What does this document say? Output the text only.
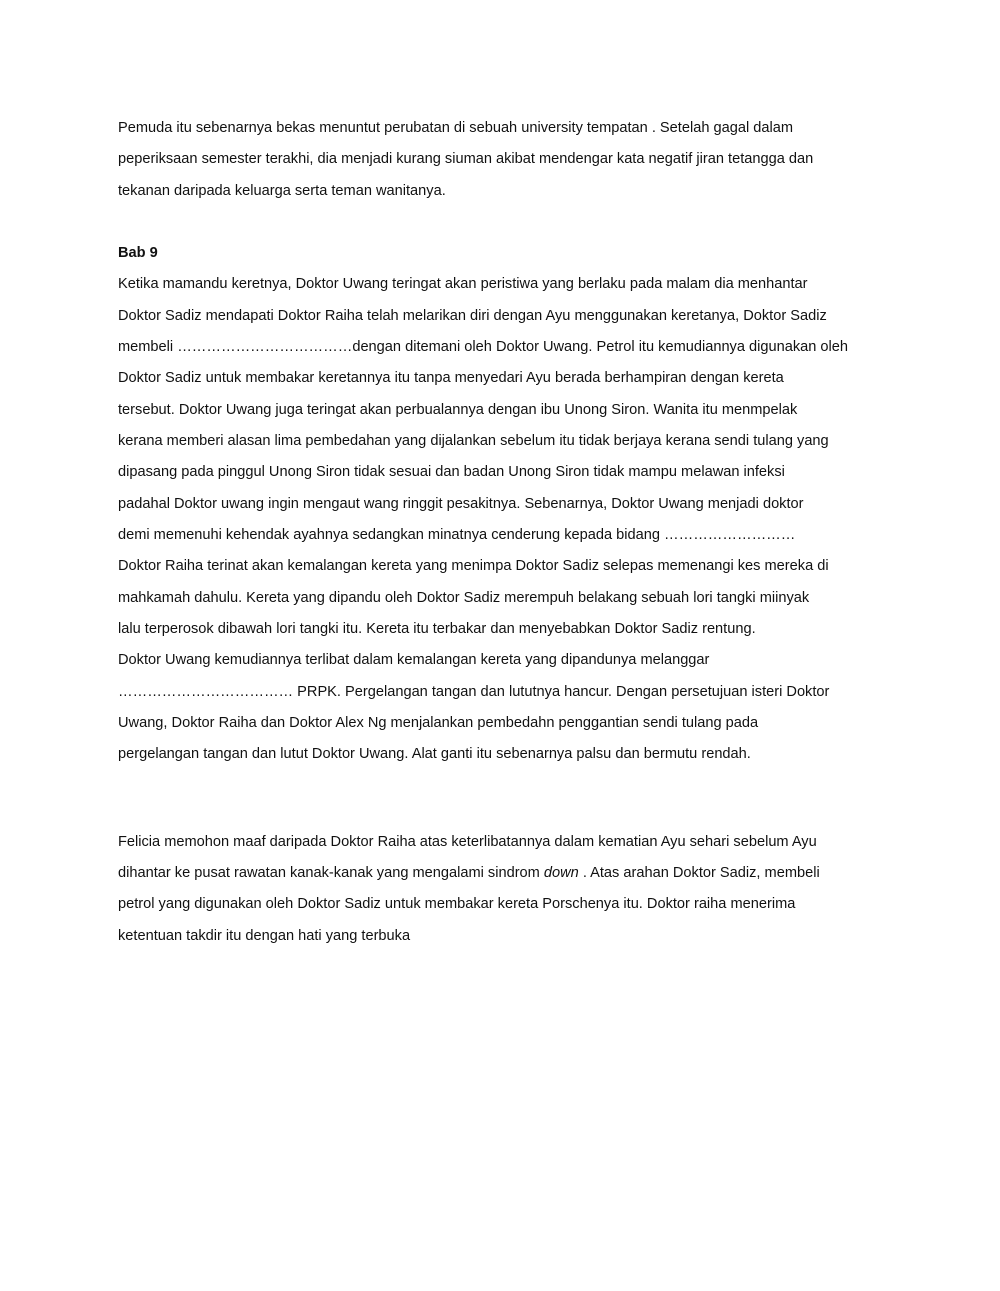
Pemuda itu sebenarnya bekas menuntut perubatan di sebuah university tempatan . Setelah gagal dalam
peperiksaan semester terakhi, dia menjadi kurang siuman akibat mendengar kata negatif jiran tetangga dan
tekanan daripada keluarga serta teman wanitanya.
Bab 9
Ketika mamandu keretnya, Doktor Uwang teringat akan peristiwa yang berlaku pada malam dia menhantar
Doktor Sadiz mendapati Doktor Raiha telah melarikan diri dengan Ayu menggunakan keretanya, Doktor Sadiz
membeli ………………………………dengan ditemani oleh Doktor Uwang. Petrol itu kemudiannya digunakan oleh
Doktor Sadiz untuk membakar keretannya itu tanpa menyedari Ayu berada berhampiran dengan kereta
tersebut. Doktor Uwang juga teringat akan perbualannya dengan ibu Unong Siron. Wanita itu menmpelak
kerana memberi alasan lima pembedahan yang dijalankan sebelum itu tidak berjaya kerana sendi tulang yang
dipasang pada pinggul Unong Siron tidak sesuai dan badan Unong Siron tidak mampu melawan infeksi
padahal Doktor uwang ingin mengaut wang ringgit pesakitnya. Sebenarnya, Doktor Uwang menjadi doktor
demi memenuhi kehendak ayahnya sedangkan minatnya cenderung kepada bidang ………………………
Doktor Raiha terinat akan kemalangan kereta yang menimpa Doktor Sadiz selepas memenangi kes mereka di
mahkamah dahulu. Kereta yang dipandu oleh Doktor Sadiz merempuh belakang sebuah lori tangki miinyak
lalu terperosok dibawah lori tangki itu. Kereta itu terbakar dan menyebabkan Doktor Sadiz rentung.
Doktor Uwang kemudiannya terlibat dalam kemalangan kereta yang dipandunya melanggar
……………………………… PRPK. Pergelangan tangan dan lututnya hancur. Dengan persetujuan isteri Doktor
Uwang, Doktor Raiha dan Doktor Alex Ng menjalankan pembedahn penggantian sendi tulang pada
pergelangan tangan dan lutut Doktor Uwang. Alat ganti itu sebenarnya palsu dan bermutu rendah.
Felicia memohon maaf daripada Doktor Raiha atas keterlibatannya dalam kematian Ayu sehari sebelum Ayu
dihantar ke pusat rawatan kanak-kanak yang mengalami sindrom down . Atas arahan Doktor Sadiz, membeli
petrol yang digunakan oleh Doktor Sadiz untuk membakar kereta Porschenya itu. Doktor raiha menerima
ketentuan takdir itu dengan hati yang terbuka
